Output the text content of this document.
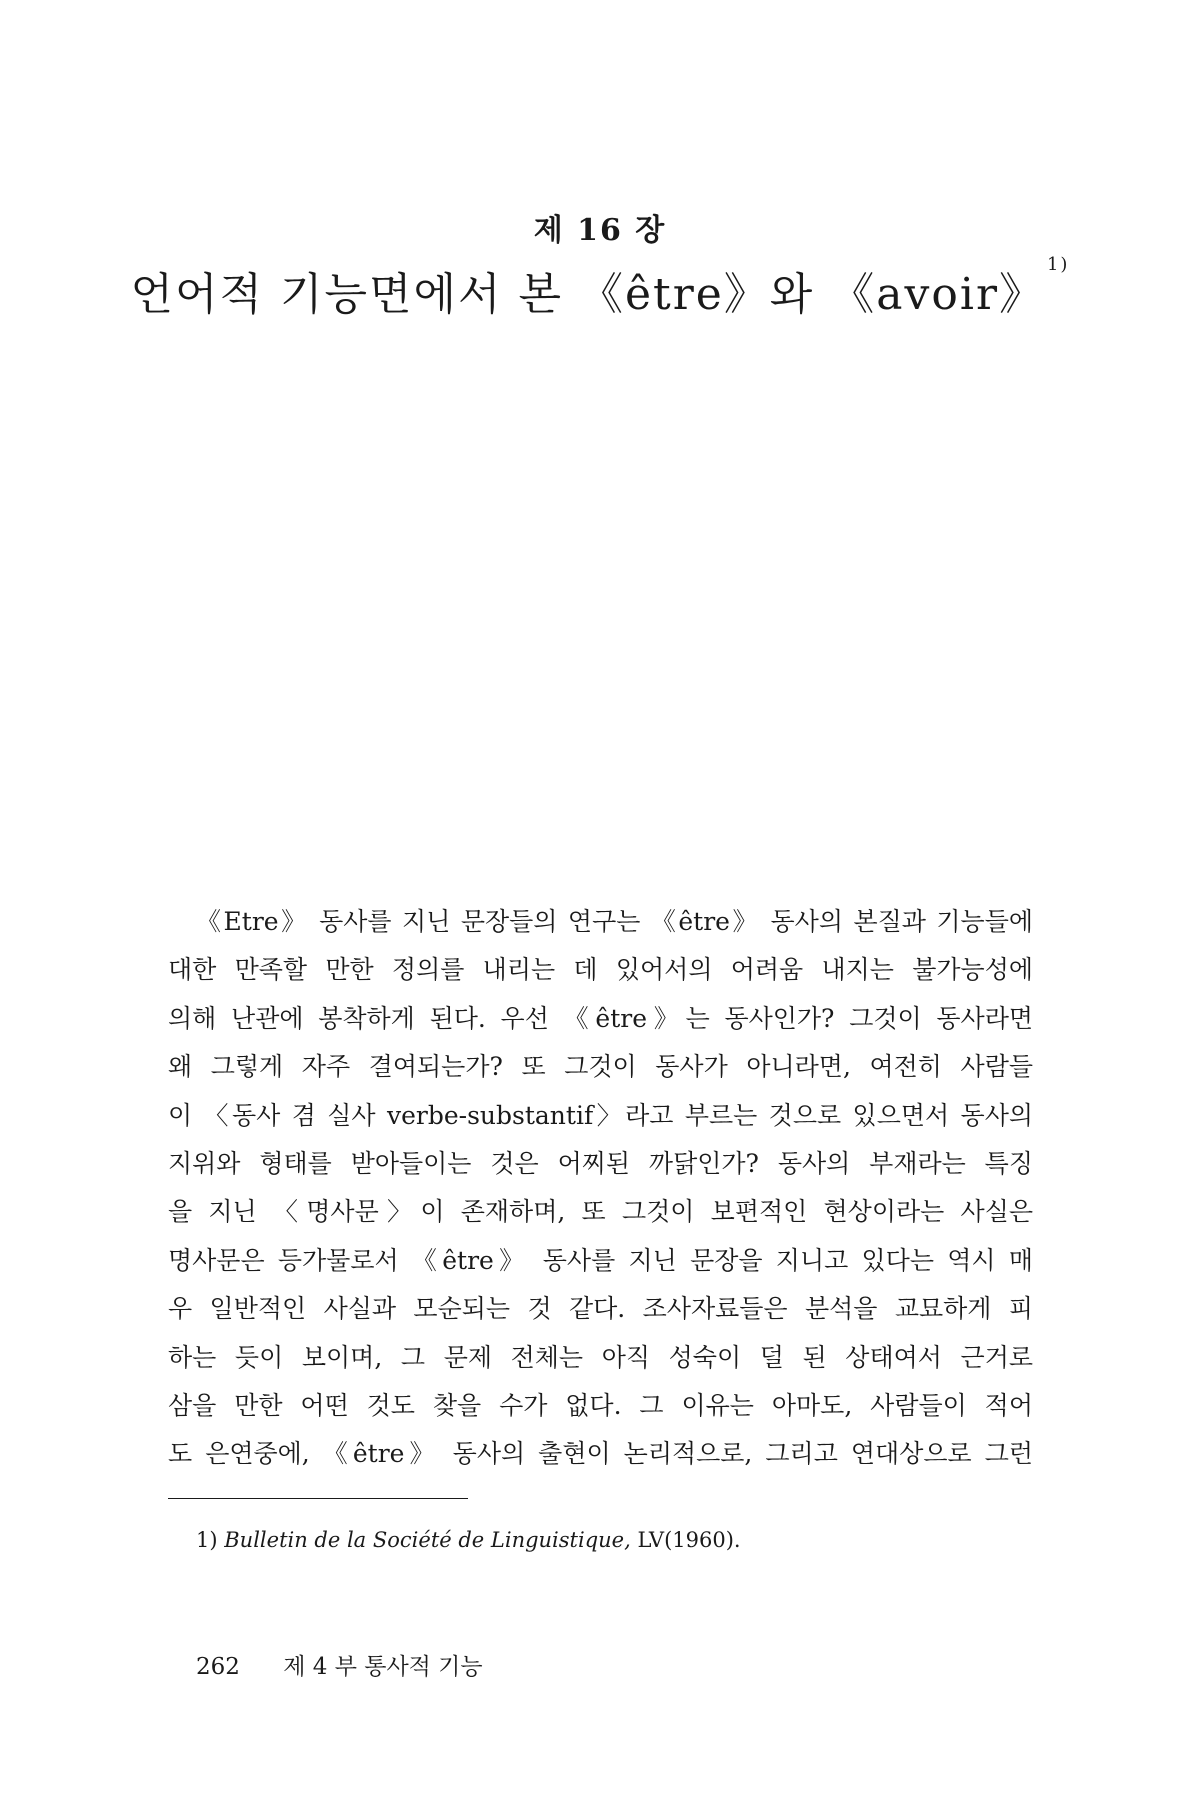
제 16 장
언어적 기능면에서 본 《être》와 《avoir》$^{1)}$
《Etre》 동사를 지닌 문장들의 연구는 《être》 동사의 본질과 기능들에
대한 만족할 만한 정의를 내리는 데 있어서의 어려움 내지는 불가능성에
의해 난관에 봉착하게 된다. 우선 《être》는 동사인가? 그것이 동사라면
왜 그렇게 자주 결여되는가? 또 그것이 동사가 아니라면, 여전히 사람들
이 〈동사 겸 실사 verbe-substantif〉라고 부르는 것으로 있으면서 동사의
지위와 형태를 받아들이는 것은 어찌된 까닭인가? 동사의 부재라는 특징
을 지닌 〈명사문〉이 존재하며, 또 그것이 보편적인 현상이라는 사실은
명사문은 등가물로서 《être》 동사를 지닌 문장을 지니고 있다는 역시 매
우 일반적인 사실과 모순되는 것 같다. 조사자료들은 분석을 교묘하게 피
하는 듯이 보이며, 그 문제 전체는 아직 성숙이 덜 된 상태여서 근거로
삼을 만한 어떤 것도 찾을 수가 없다. 그 이유는 아마도, 사람들이 적어
도 은연중에, 《être》 동사의 출현이 논리적으로, 그리고 연대상으로 그런
1) Bulletin de la Société de Linguistique, LV(1960).
262 제 4 부 통사적 기능
